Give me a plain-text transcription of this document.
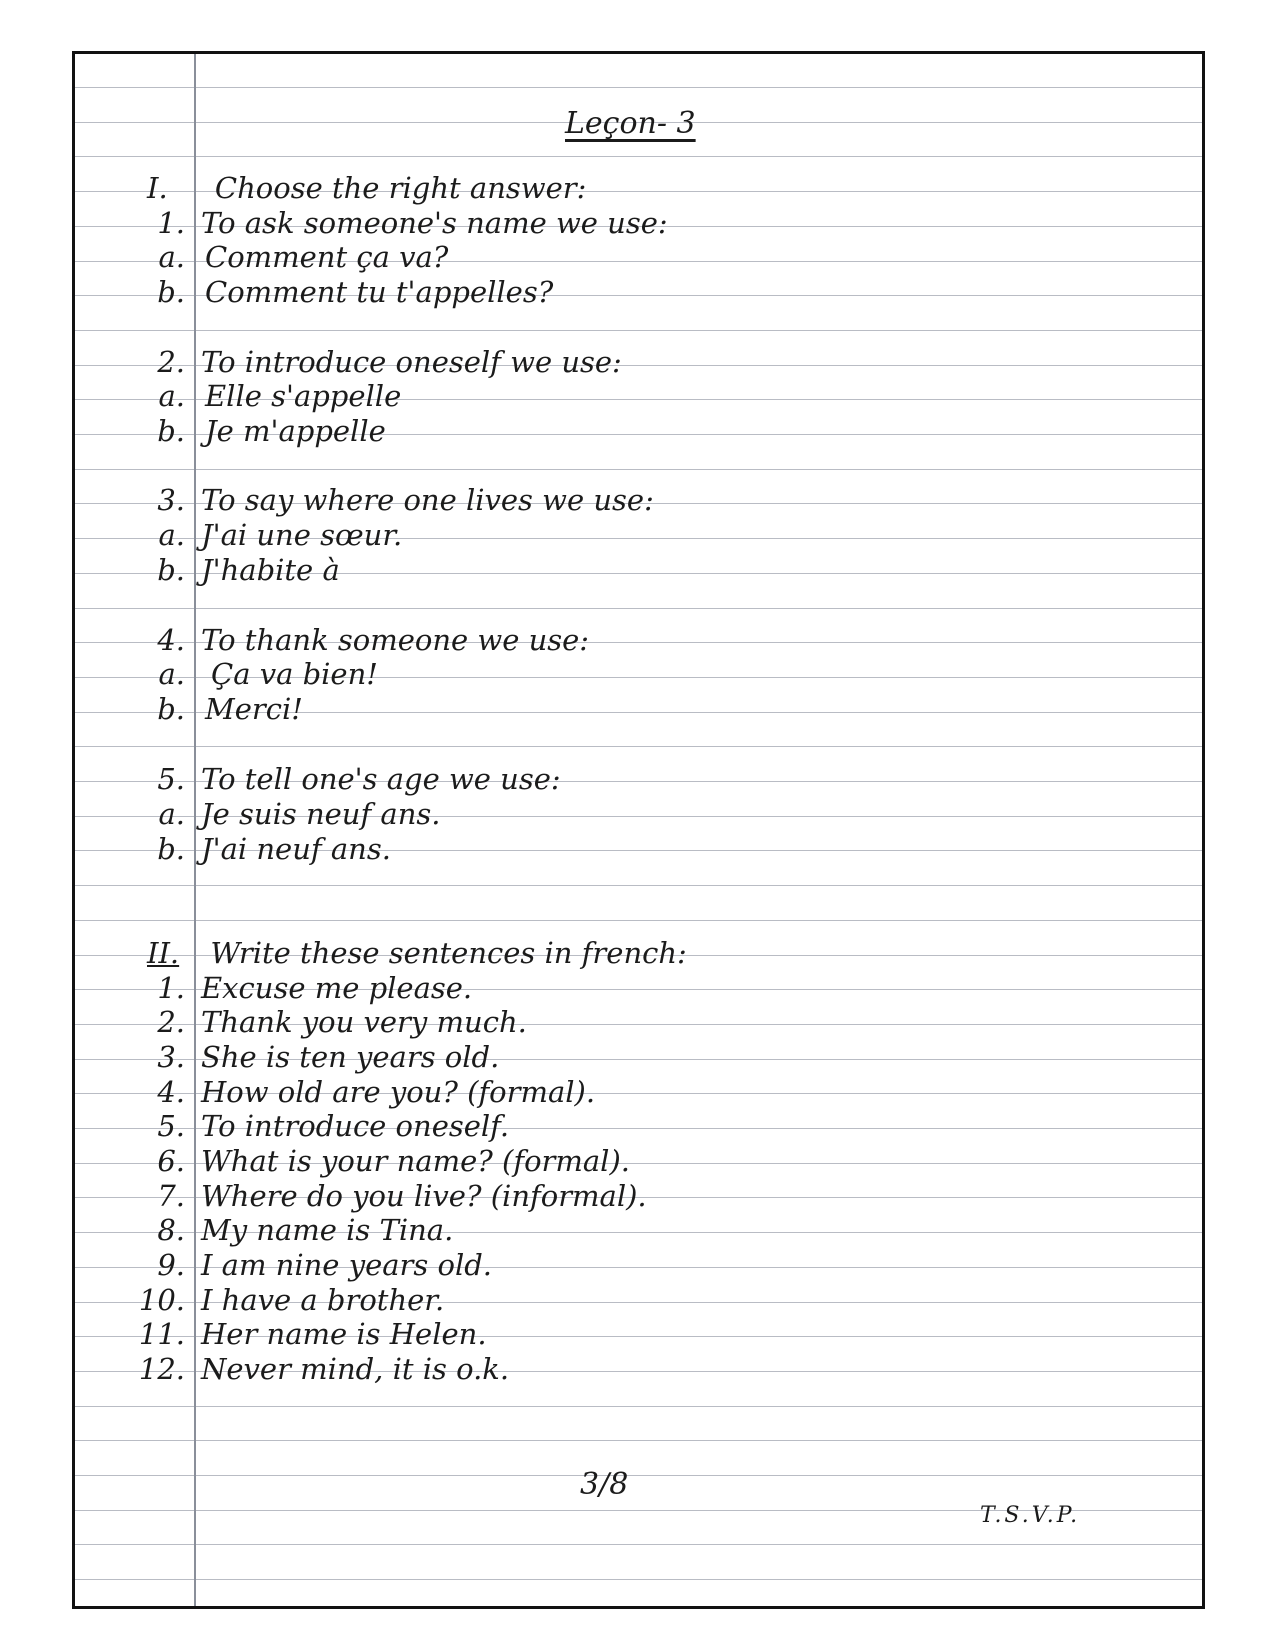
Leçon- 3
I. Choose the right answer:
1. To ask someone's name we use:
a. Comment ça va?
b. Comment tu t'appelles?
2. To introduce oneself we use:
a. Elle s'appelle
b. Je m'appelle
3. To say where one lives we use:
a. J'ai une sœur.
b. J'habite à
4. To thank someone we use:
a. Ça va bien!
b. Merci!
5. To tell one's age we use:
a. Je suis neuf ans.
b. J'ai neuf ans.
II. Write these sentences in french:
1. Excuse me please.
2. Thank you very much.
3. She is ten years old.
4. How old are you? (formal).
5. To introduce oneself.
6. What is your name? (formal).
7. Where do you live? (informal).
8. My name is Tina.
9. I am nine years old.
10. I have a brother.
11. Her name is Helen.
12. Never mind, it is o.k.
3/8
T.S.V.P.
